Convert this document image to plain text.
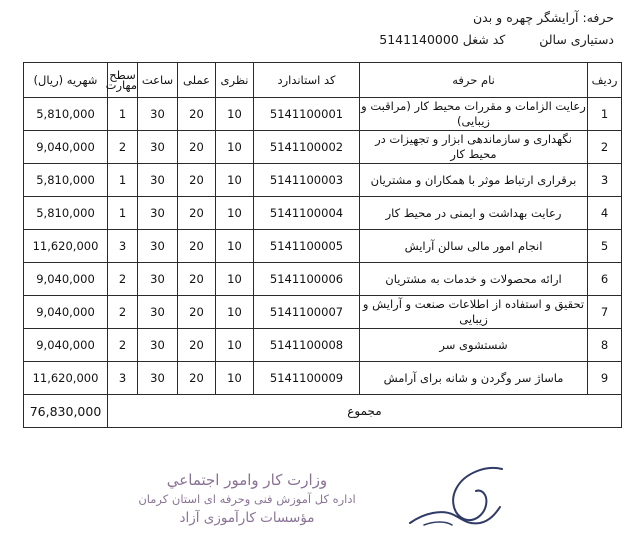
حرفه: آرایشگر چهره و بدن
دستیاری سالن  کد شغل 5141140000
ردیف	نام حرفه	کد استاندارد	نظری	عملی	ساعت	سطح مهارت	شهریه (ریال)
1	رعایت الزامات و مقررات محیط کار (مراقبت و زیبایی)	5141100001	10	20	30	1	5,810,000
2	نگهداری و سازماندهی ابزار و تجهیزات در محیط کار	5141100002	10	20	30	2	9,040,000
3	برقراری ارتباط موثر با همکاران و مشتریان	5141100003	10	20	30	1	5,810,000
4	رعایت بهداشت و ایمنی در محیط کار	5141100004	10	20	30	1	5,810,000
5	انجام امور مالی سالن آرایش	5141100005	10	20	30	3	11,620,000
6	ارائه محصولات و خدمات به مشتریان	5141100006	10	20	30	2	9,040,000
7	تحقیق و استفاده از اطلاعات صنعت و آرایش و زیبایی	5141100007	10	20	30	2	9,040,000
8	شستشوی سر	5141100008	10	20	30	2	9,040,000
9	ماساژ سر وگردن و شانه برای آرامش	5141100009	10	20	30	3	11,620,000
مجموع							76,830,000
وزارت کار وامور اجتماعي
اداره کل آموزش فنی وحرفه ای استان کرمان
مؤسسات کارآموزی آزاد
